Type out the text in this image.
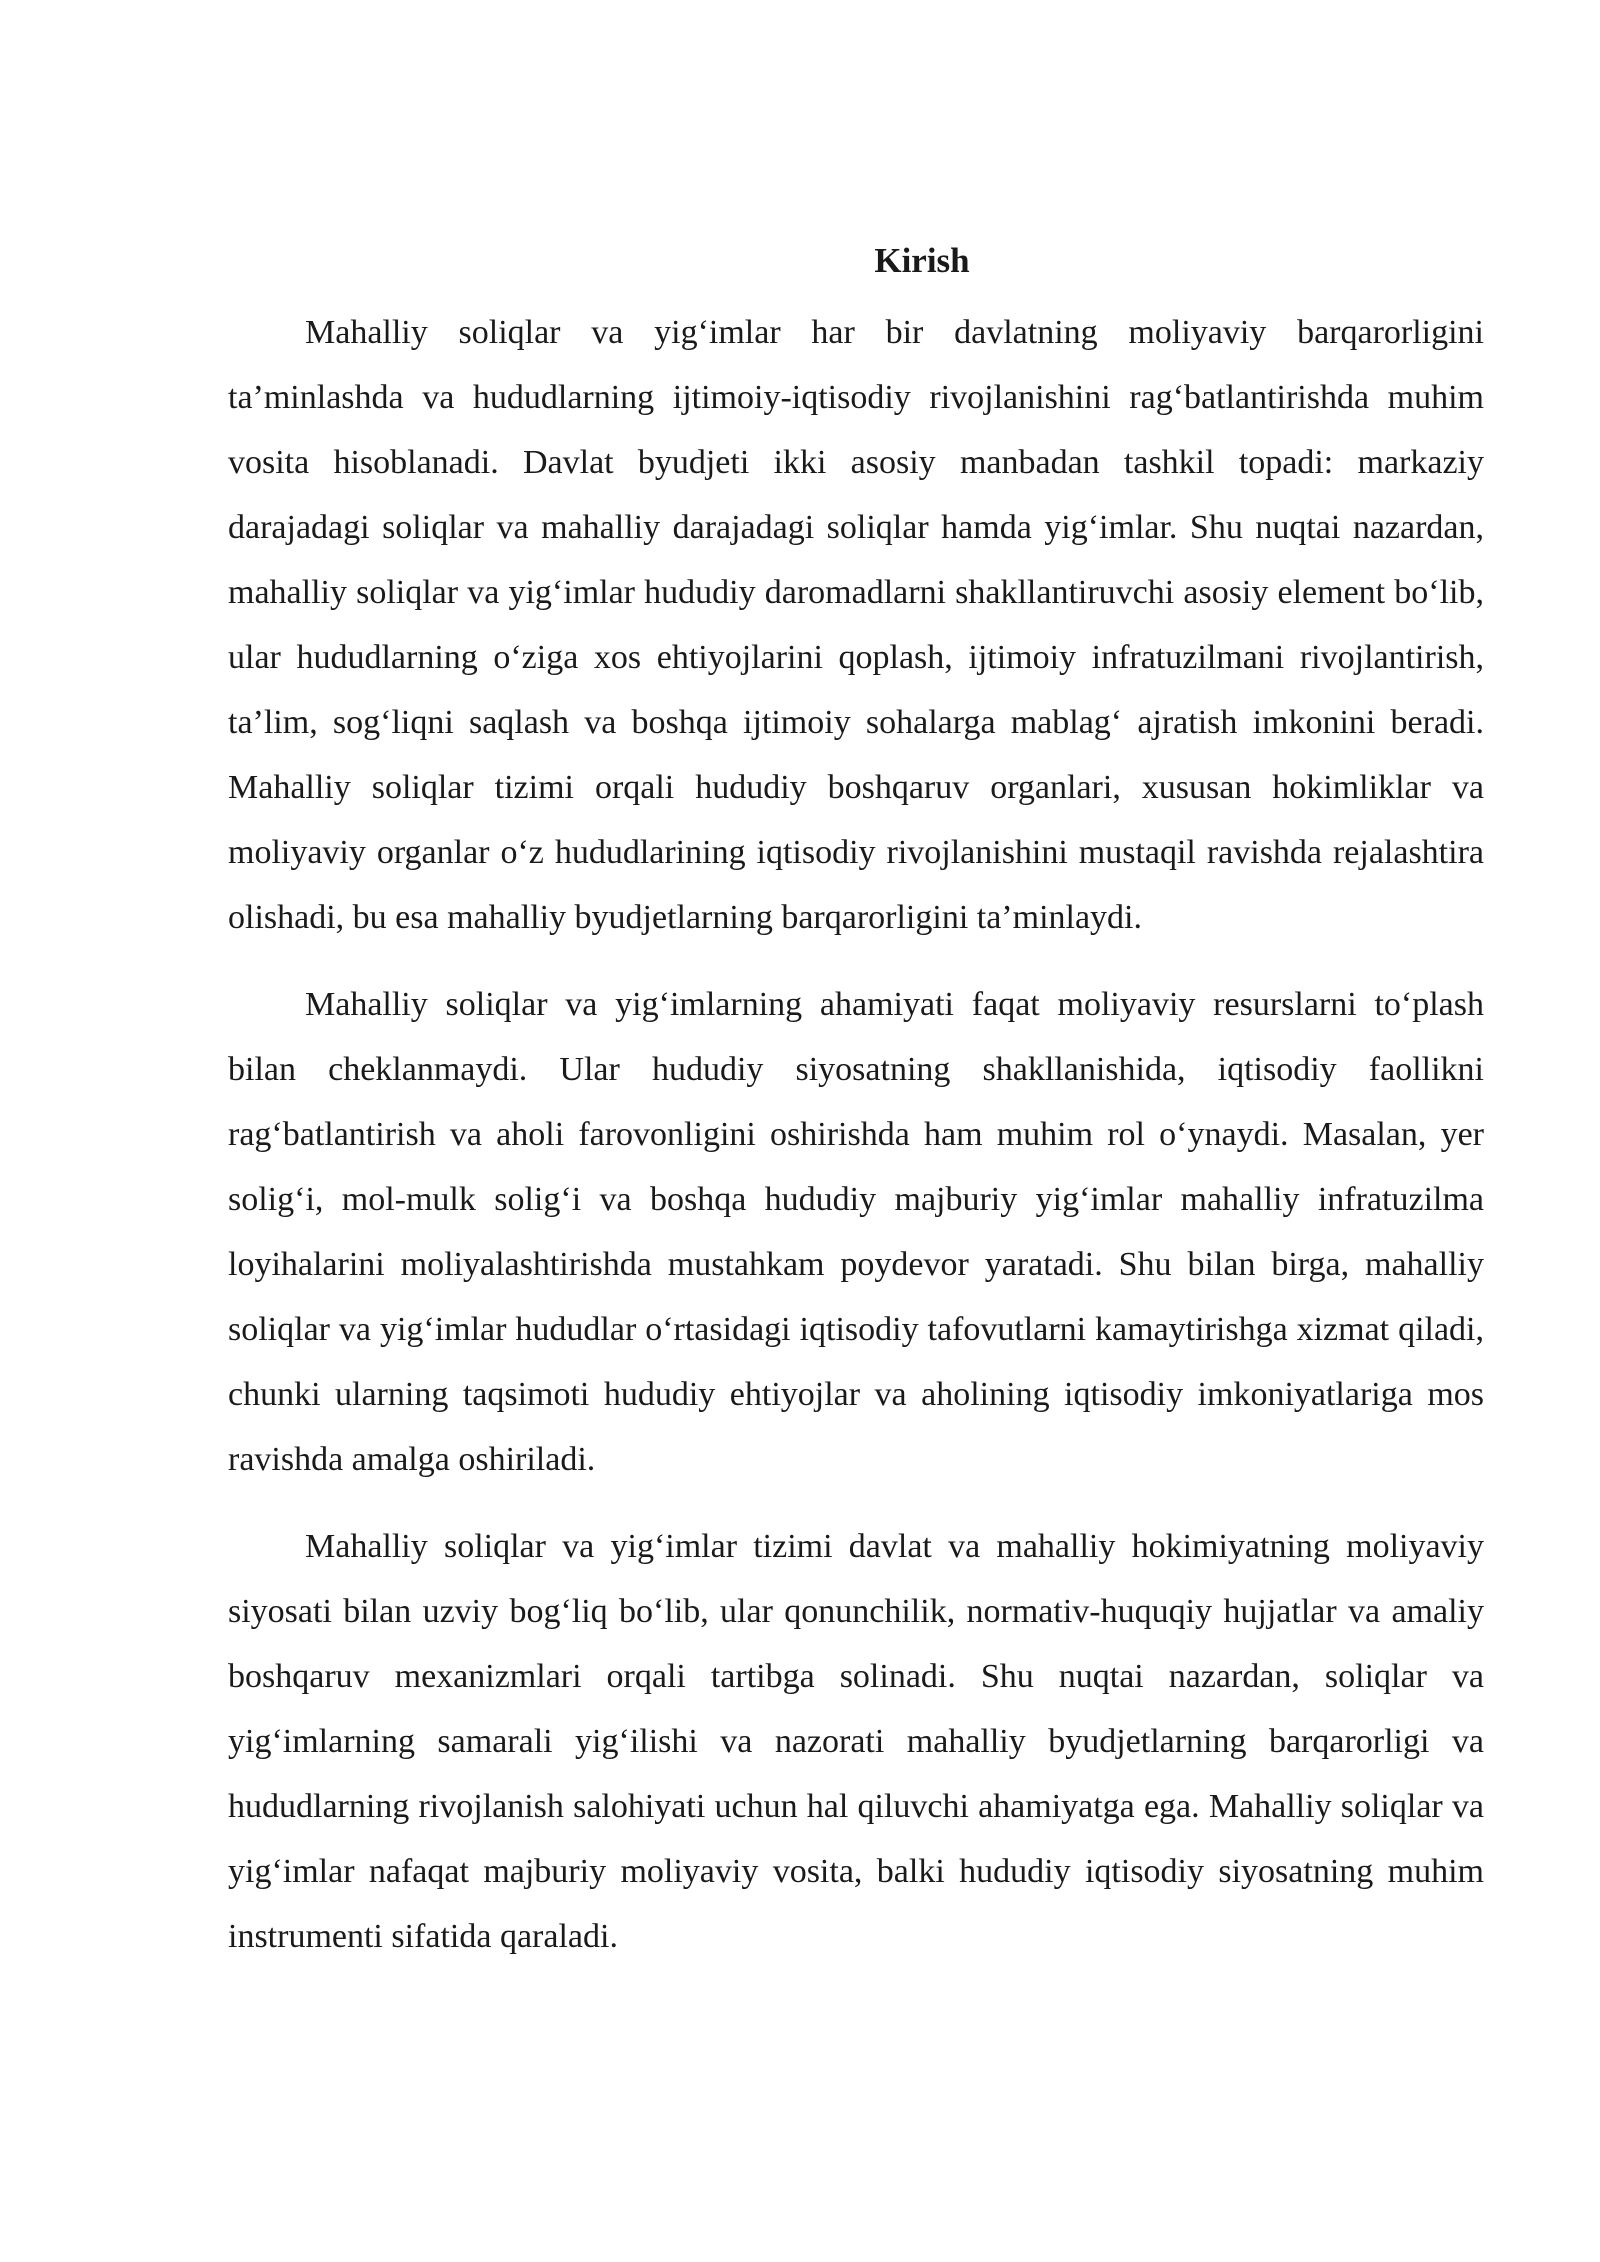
Kirish

Mahalliy soliqlar va yig‘imlar har bir davlatning moliyaviy barqarorligini ta’minlashda va hududlarning ijtimoiy-iqtisodiy rivojlanishini rag‘batlantirishda muhim vosita hisoblanadi. Davlat byudjeti ikki asosiy manbadan tashkil topadi: markaziy darajadagi soliqlar va mahalliy darajadagi soliqlar hamda yig‘imlar. Shu nuqtai nazardan, mahalliy soliqlar va yig‘imlar hududiy daromadlarni shakllantiruvchi asosiy element bo‘lib, ular hududlarning o‘ziga xos ehtiyojlarini qoplash, ijtimoiy infratuzilmani rivojlantirish, ta’lim, sog‘liqni saqlash va boshqa ijtimoiy sohalarga mablag‘ ajratish imkonini beradi. Mahalliy soliqlar tizimi orqali hududiy boshqaruv organlari, xususan hokimliklar va moliyaviy organlar o‘z hududlarining iqtisodiy rivojlanishini mustaqil ravishda rejalashtira olishadi, bu esa mahalliy byudjetlarning barqarorligini ta’minlaydi.

Mahalliy soliqlar va yig‘imlarning ahamiyati faqat moliyaviy resurslarni to‘plash bilan cheklanmaydi. Ular hududiy siyosatning shakllanishida, iqtisodiy faollikni rag‘batlantirish va aholi farovonligini oshirishda ham muhim rol o‘ynaydi. Masalan, yer solig‘i, mol-mulk solig‘i va boshqa hududiy majburiy yig‘imlar mahalliy infratuzilma loyihalarini moliyalashtirishda mustahkam poydevor yaratadi. Shu bilan birga, mahalliy soliqlar va yig‘imlar hududlar o‘rtasidagi iqtisodiy tafovutlarni kamaytirishga xizmat qiladi, chunki ularning taqsimoti hududiy ehtiyojlar va aholining iqtisodiy imkoniyatlariga mos ravishda amalga oshiriladi.

Mahalliy soliqlar va yig‘imlar tizimi davlat va mahalliy hokimiyatning moliyaviy siyosati bilan uzviy bog‘liq bo‘lib, ular qonunchilik, normativ-huquqiy hujjatlar va amaliy boshqaruv mexanizmlari orqali tartibga solinadi. Shu nuqtai nazardan, soliqlar va yig‘imlarning samarali yig‘ilishi va nazorati mahalliy byudjetlarning barqarorligi va hududlarning rivojlanish salohiyati uchun hal qiluvchi ahamiyatga ega. Mahalliy soliqlar va yig‘imlar nafaqat majburiy moliyaviy vosita, balki hududiy iqtisodiy siyosatning muhim instrumenti sifatida qaraladi.
